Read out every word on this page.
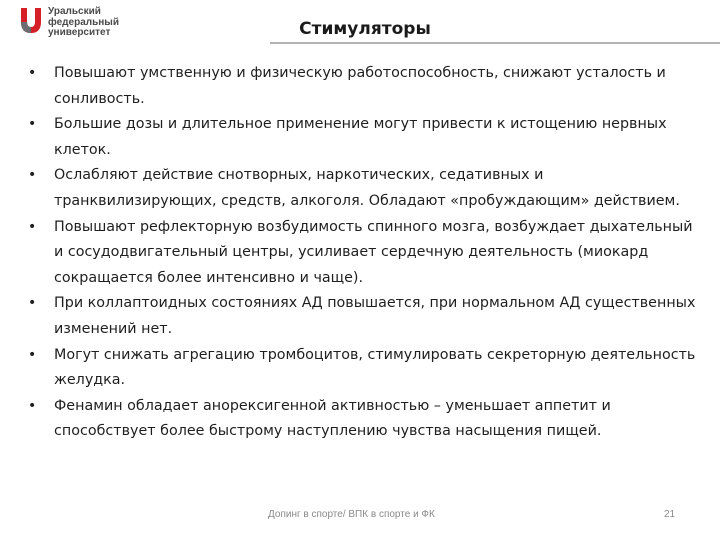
Уральский
федеральный
университет	Стимуляторы
• Повышают умственную и физическую работоспособность, снижают усталость и сонливость.
• Большие дозы и длительное применение могут привести к истощению нервных клеток.
• Ослабляют действие снотворных, наркотических, седативных и транквилизирующих, средств, алкоголя. Обладают «пробуждающим» действием.
• Повышают рефлекторную возбудимость спинного мозга, возбуждает дыхательный и сосудодвигательный центры, усиливает сердечную деятельность (миокард сокращается более интенсивно и чаще).
• При коллаптоидных состояниях АД повышается, при нормальном АД существенных изменений нет.
• Могут снижать агрегацию тромбоцитов, стимулировать секреторную деятельность желудка.
• Фенамин обладает анорексигенной активностью – уменьшает аппетит и способствует более быстрому наступлению чувства насыщения пищей.
Допинг в спорте/ ВПК в спорте и ФК	21
